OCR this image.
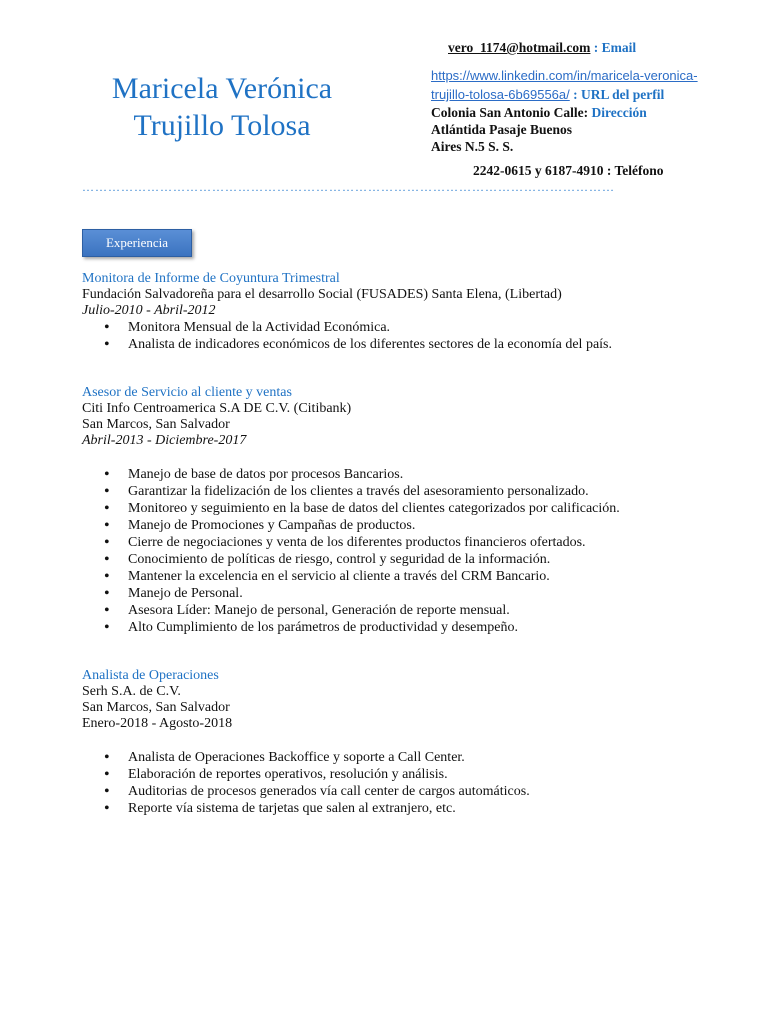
Maricela Verónica
Trujillo Tolosa
vero_1174@hotmail.com : Email
https://www.linkedin.com/in/maricela-veronica-
trujillo-tolosa-6b69556a/ : URL del perfil
Colonia San Antonio Calle: Dirección
Atlántida Pasaje Buenos
Aires N.5 S. S.
2242-0615 y 6187-4910 : Teléfono
……………………………………………………………………………………………………………
Experiencia
Monitora de Informe de Coyuntura Trimestral
Fundación Salvadoreña para el desarrollo Social (FUSADES) Santa Elena, (Libertad)
Julio-2010 - Abril-2012
• Monitora Mensual de la Actividad Económica.
• Analista de indicadores económicos de los diferentes sectores de la economía del país.
Asesor de Servicio al cliente y ventas
Citi Info Centroamerica S.A DE C.V. (Citibank)
San Marcos, San Salvador
Abril-2013 - Diciembre-2017
• Manejo de base de datos por procesos Bancarios.
• Garantizar la fidelización de los clientes a través del asesoramiento personalizado.
• Monitoreo y seguimiento en la base de datos del clientes categorizados por calificación.
• Manejo de Promociones y Campañas de productos.
• Cierre de negociaciones y venta de los diferentes productos financieros ofertados.
• Conocimiento de políticas de riesgo, control y seguridad de la información.
• Mantener la excelencia en el servicio al cliente a través del CRM Bancario.
• Manejo de Personal.
• Asesora Líder: Manejo de personal, Generación de reporte mensual.
• Alto Cumplimiento de los parámetros de productividad y desempeño.
Analista de Operaciones
Serh S.A. de C.V.
San Marcos, San Salvador
Enero-2018 - Agosto-2018
• Analista de Operaciones Backoffice y soporte a Call Center.
• Elaboración de reportes operativos, resolución y análisis.
• Auditorias de procesos generados vía call center de cargos automáticos.
• Reporte vía sistema de tarjetas que salen al extranjero, etc.
